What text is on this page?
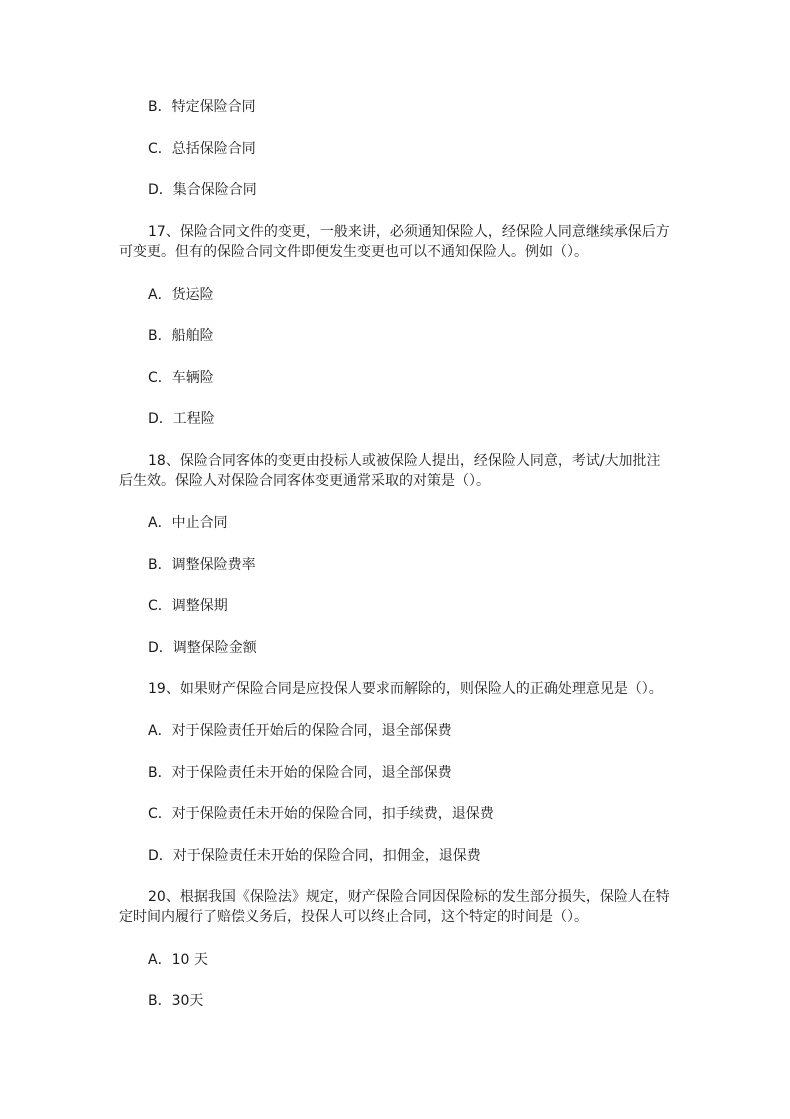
B．特定保险合同
C．总括保险合同
D．集合保险合同
17、保险合同文件的变更，一般来讲，必须通知保险人，经保险人同意继续承保后方
可变更。但有的保险合同文件即便发生变更也可以不通知保险人。例如（）。
A．货运险
B．船舶险
C．车辆险
D．工程险
18、保险合同客体的变更由投标人或被保险人提出，经保险人同意，考试/大加批注
后生效。保险人对保险合同客体变更通常采取的对策是（）。
A．中止合同
B．调整保险费率
C．调整保期
D．调整保险金额
19、如果财产保险合同是应投保人要求而解除的，则保险人的正确处理意见是（）。
A．对于保险责任开始后的保险合同，退全部保费
B．对于保险责任未开始的保险合同，退全部保费
C．对于保险责任未开始的保险合同，扣手续费，退保费
D．对于保险责任未开始的保险合同，扣佣金，退保费
20、根据我国《保险法》规定，财产保险合同因保险标的发生部分损失，保险人在特
定时间内履行了赔偿义务后，投保人可以终止合同，这个特定的时间是（）。
A．10 天
B．30天
